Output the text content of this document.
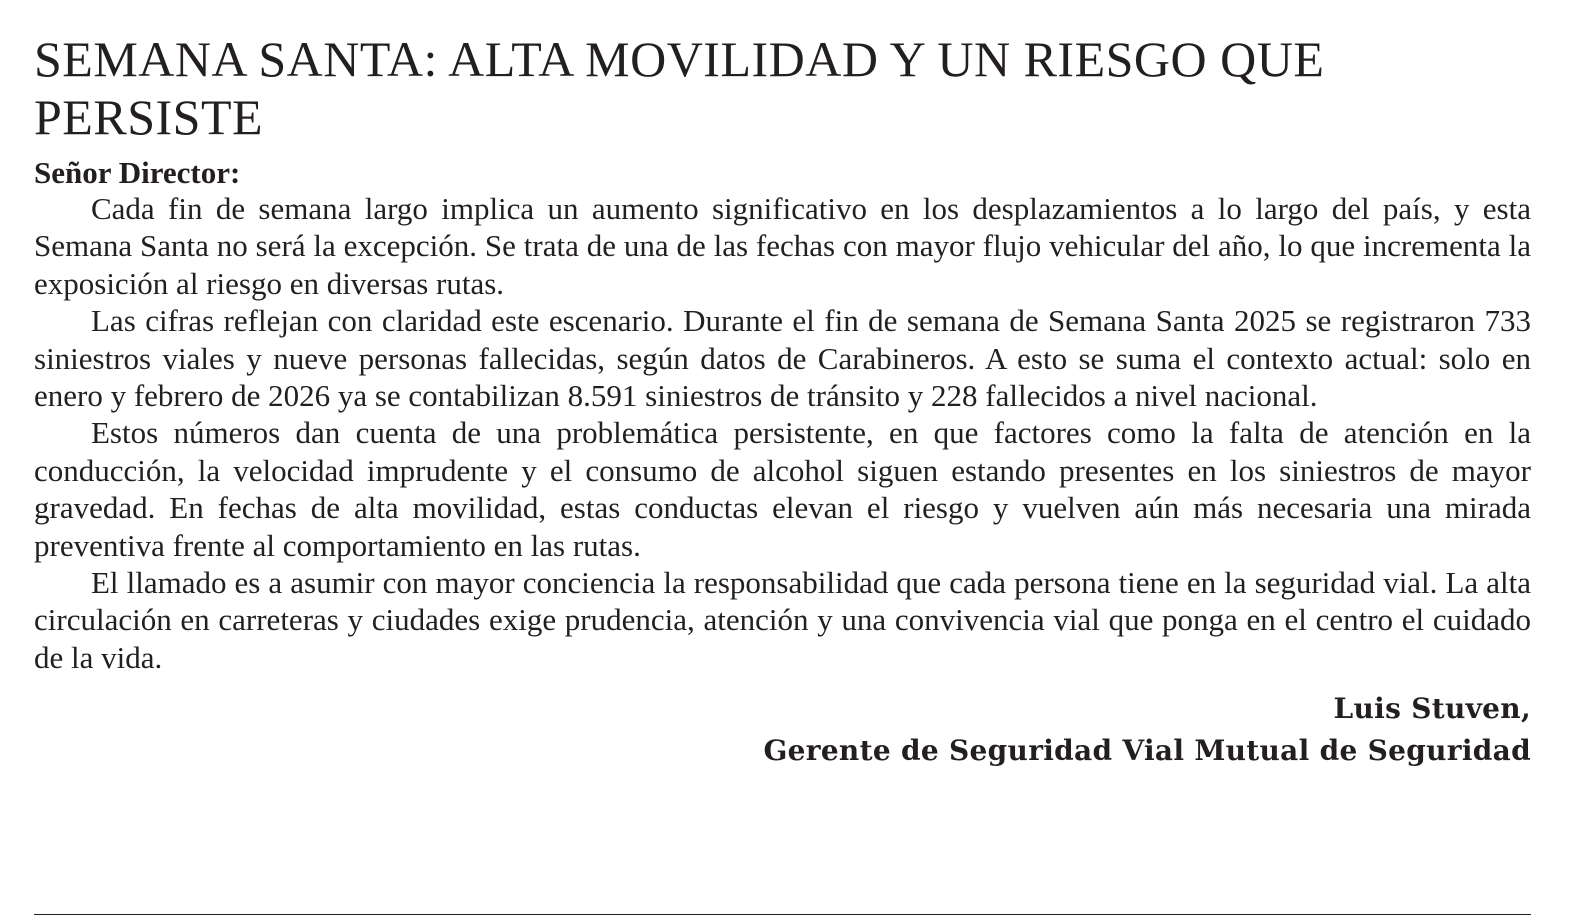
SEMANA SANTA: ALTA MOVILIDAD Y UN RIESGO QUE PERSISTE
Señor Director:

Cada fin de semana largo implica un aumento significativo en los desplazamientos a lo largo del país, y esta Semana Santa no será la excepción. Se trata de una de las fechas con mayor flujo vehicular del año, lo que incrementa la exposición al riesgo en diversas rutas.

Las cifras reflejan con claridad este escenario. Durante el fin de semana de Semana Santa 2025 se registraron 733 siniestros viales y nueve personas fallecidas, según datos de Carabineros. A esto se suma el contexto actual: solo en enero y febrero de 2026 ya se contabilizan 8.591 siniestros de tránsito y 228 fallecidos a nivel nacional.

Estos números dan cuenta de una problemática persistente, en que factores como la falta de atención en la conducción, la velocidad imprudente y el consumo de alcohol siguen estando presentes en los siniestros de mayor gravedad. En fechas de alta movilidad, estas conductas elevan el riesgo y vuelven aún más necesaria una mirada preventiva frente al comportamiento en las rutas.

El llamado es a asumir con mayor conciencia la responsabilidad que cada persona tiene en la seguridad vial. La alta circulación en carreteras y ciudades exige prudencia, atención y una convivencia vial que ponga en el centro el cuidado de la vida.

Luis Stuven,
Gerente de Seguridad Vial Mutual de Seguridad
